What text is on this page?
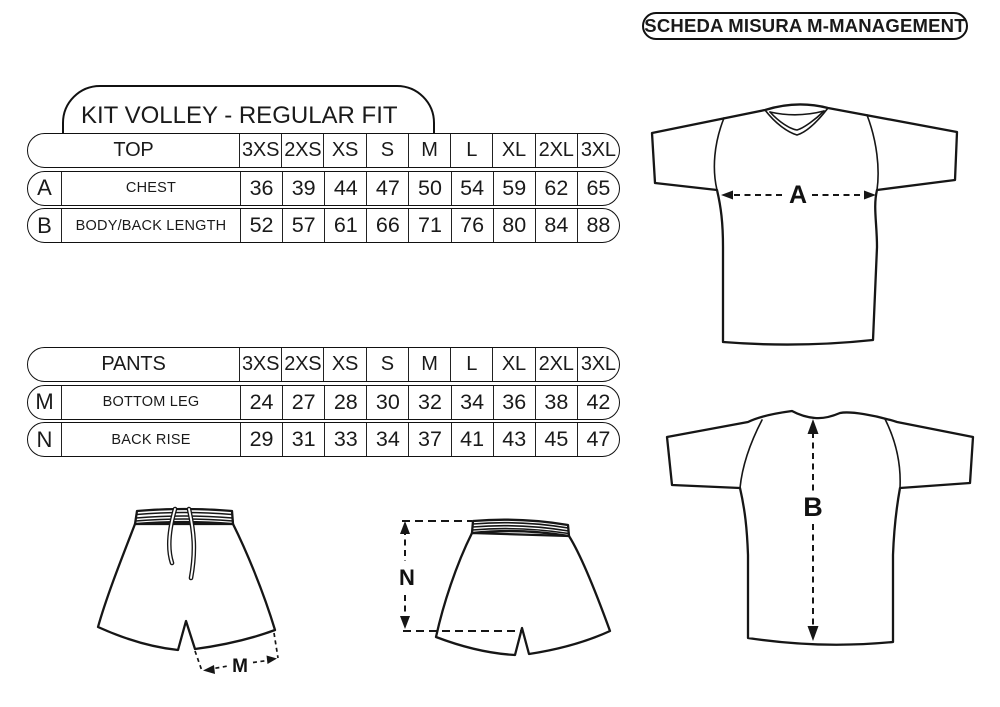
SCHEDA MISURA M-MANAGEMENT
KIT VOLLEY - REGULAR FIT
TOP	3XS 2XS XS	S	M	L	XL 2XL 3XL
A	CHEST	36 39 44 47 50 54 59 62 65
B	BODY/BACK LENGTH	52 57 61 66 71 76 80 84 88
PANTS	3XS 2XS XS	S	M	L	XL 2XL 3XL
M	BOTTOM LEG	24 27 28 30 32 34 36 38 42
N	BACK RISE	29 31 33 34 37 41 43 45 47
A
B
M
N
